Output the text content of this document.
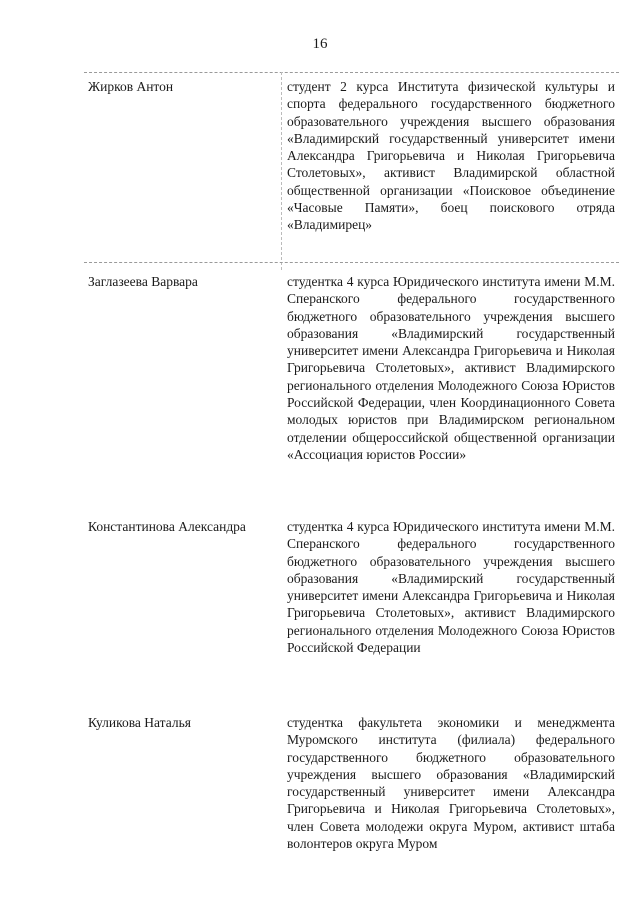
16
Жирков Антон	студент 2 курса Института физической культуры и спорта федерального государственного бюджетного образовательного учреждения высшего образования «Владимирский государственный университет имени Александра Григорьевича и Николая Григорьевича Столетовых», активист Владимирской областной общественной организации «Поисковое объединение «Часовые Памяти», боец поискового отряда «Владимирец»
Заглазеева Варвара	студентка 4 курса Юридического института имени М.М. Сперанского федерального государственного бюджетного образовательного учреждения высшего образования «Владимирский государственный университет имени Александра Григорьевича и Николая Григорьевича Столетовых», активист Владимирского регионального отделения Молодежного Союза Юристов Российской Федерации, член Координационного Совета молодых юристов при Владимирском региональном отделении общероссийской общественной организации «Ассоциация юристов России»
Константинова Александра	студентка 4 курса Юридического института имени М.М. Сперанского федерального государственного бюджетного образовательного учреждения высшего образования «Владимирский государственный университет имени Александра Григорьевича и Николая Григорьевича Столетовых», активист Владимирского регионального отделения Молодежного Союза Юристов Российской Федерации
Куликова Наталья	студентка факультета экономики и менеджмента Муромского института (филиала) федерального государственного бюджетного образовательного учреждения высшего образования «Владимирский государственный университет имени Александра Григорьевича и Николая Григорьевича Столетовых», член Совета молодежи округа Муром, активист штаба волонтеров округа Муром
